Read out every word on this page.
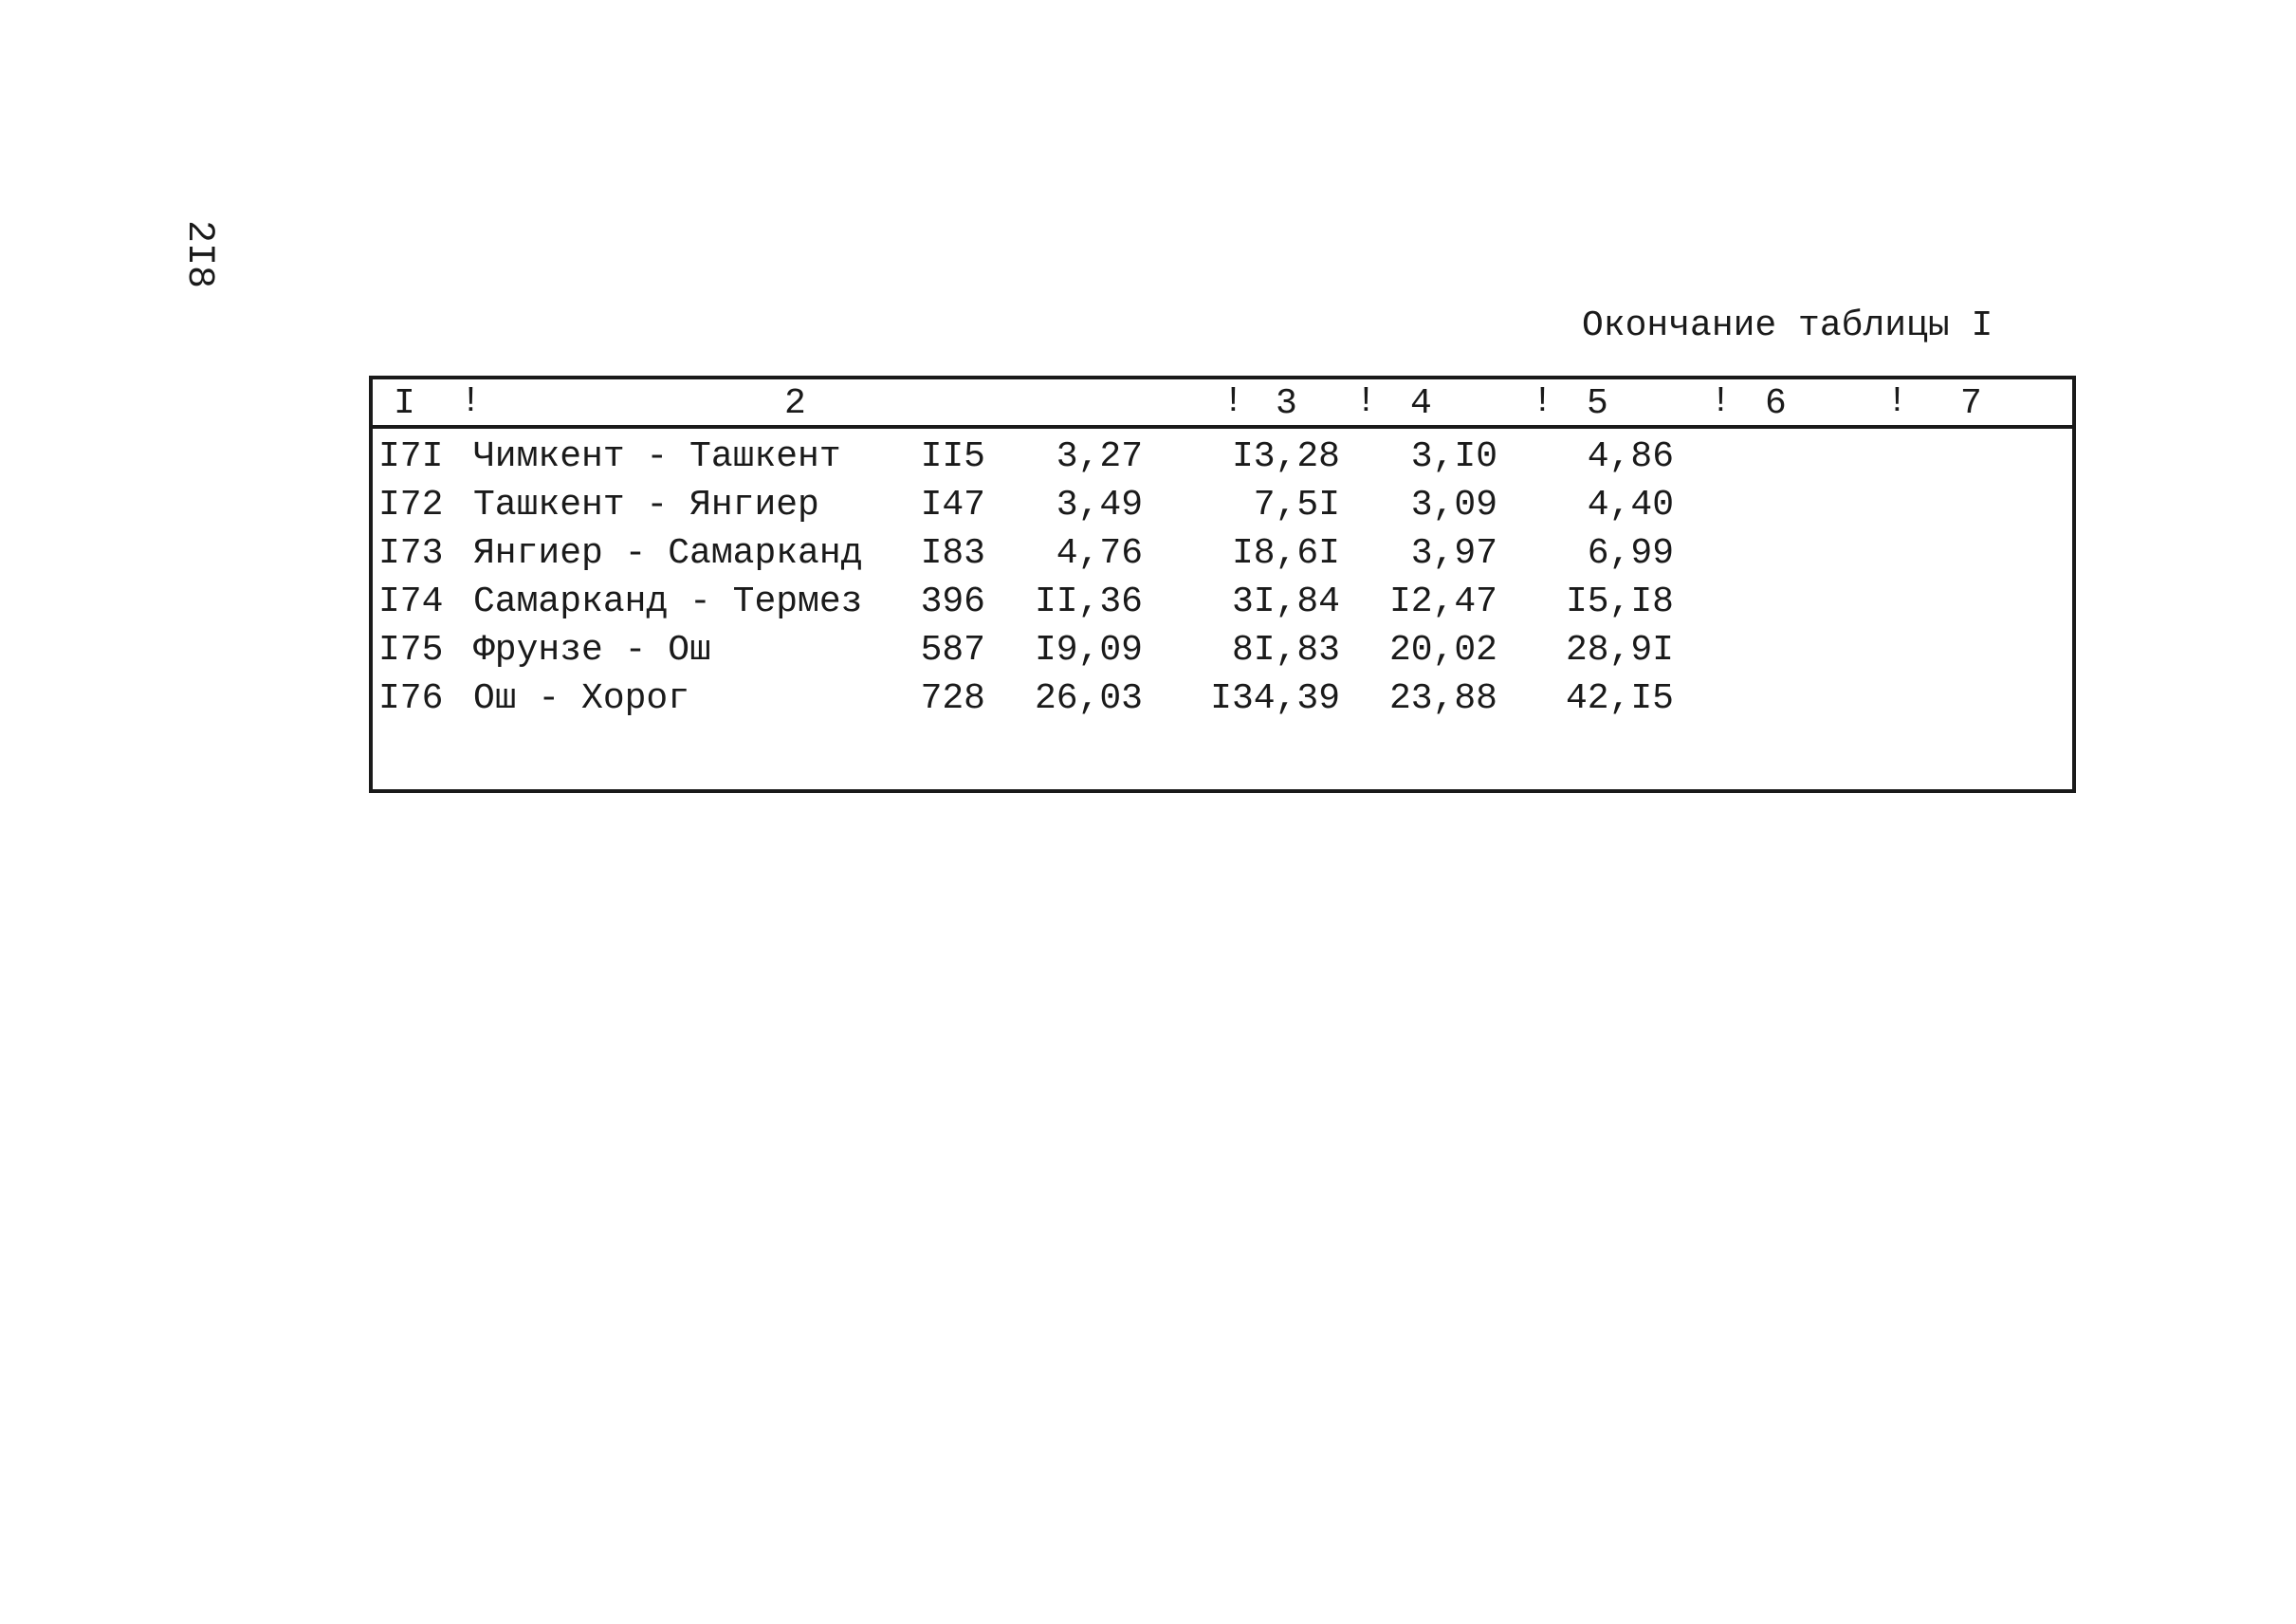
2I8
Окончание таблицы I
I !	2	! 3 ! 4	! 5	! 6	! 7
I7I Чимкент - Ташкент II5 3,27 I3,28 3,I0 4,86
I72 Ташкент - Янгиер	I47 3,49	7,5I 3,09 4,40
I73 Янгиер - Самарканд I83 4,76 I8,6I 3,97 6,99
I74 Самарканд - Термез 396 II,36 3I,84 I2,47 I5,I8
I75 Фрунзе - Ош	587 I9,09 8I,83 20,02 28,9I
I76 Ош - Хорог	728 26,03 I34,39 23,88 42,I5
